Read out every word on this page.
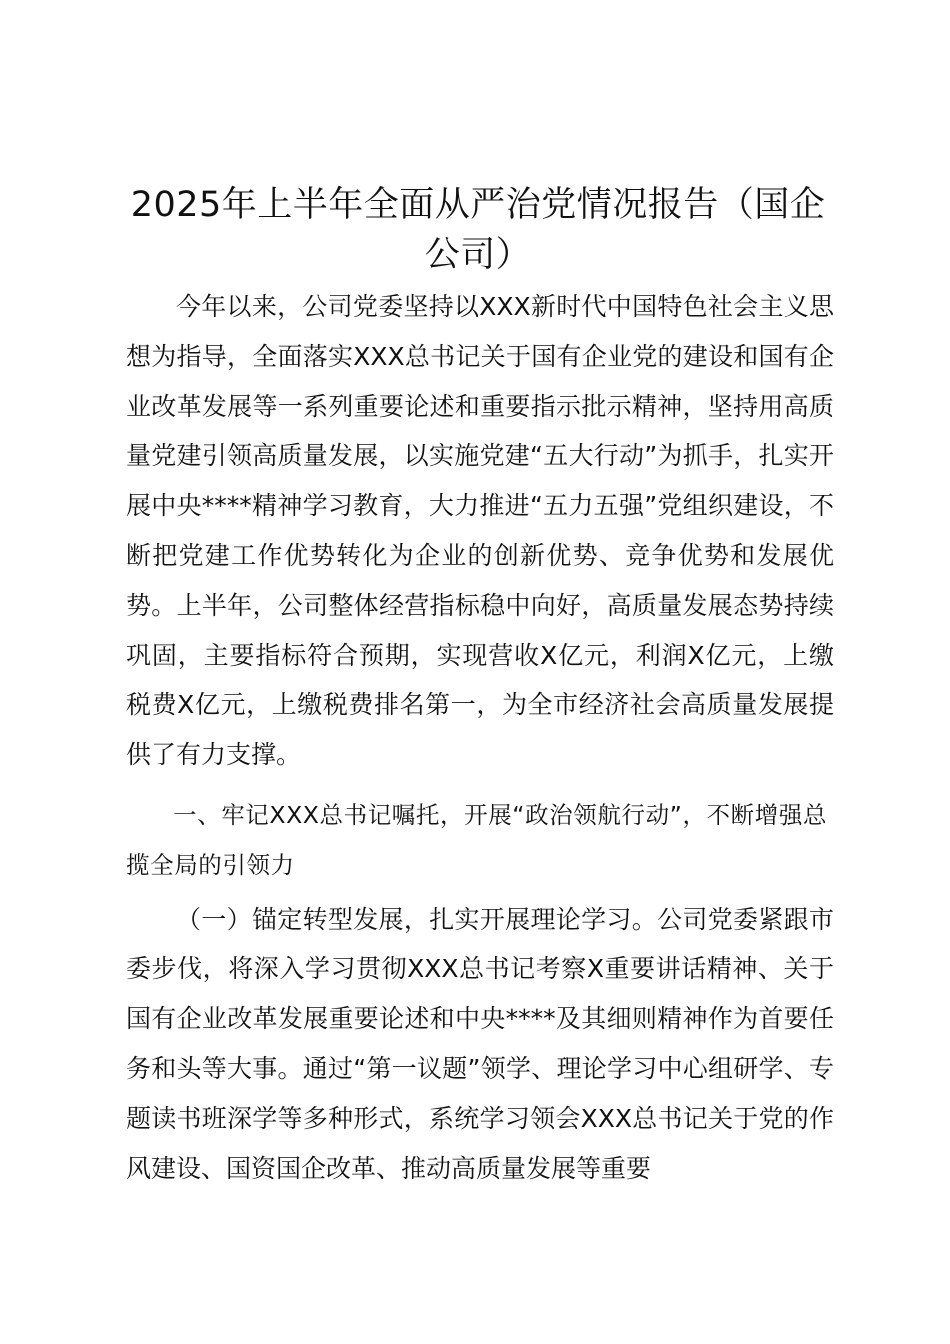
2025年上半年全面从严治党情况报告（国企公司）

今年以来，公司党委坚持以XXX新时代中国特色社会主义思想为指导，全面落实XXX总书记关于国有企业党的建设和国有企业改革发展等一系列重要论述和重要指示批示精神，坚持用高质量党建引领高质量发展，以实施党建“五大行动”为抓手，扎实开展中央****精神学习教育，大力推进“五力五强”党组织建设，不断把党建工作优势转化为企业的创新优势、竞争优势和发展优势。上半年，公司整体经营指标稳中向好，高质量发展态势持续巩固，主要指标符合预期，实现营收X亿元，利润X亿元，上缴税费X亿元，上缴税费排名第一，为全市经济社会高质量发展提供了有力支撑。

一、牢记XXX总书记嘱托，开展“政治领航行动”，不断增强总揽全局的引领力

（一）锚定转型发展，扎实开展理论学习。公司党委紧跟市委步伐，将深入学习贯彻XXX总书记考察X重要讲话精神、关于国有企业改革发展重要论述和中央****及其细则精神作为首要任务和头等大事。通过“第一议题”领学、理论学习中心组研学、专题读书班深学等多种形式，系统学习领会XXX总书记关于党的作风建设、国资国企改革、推动高质量发展等重要
